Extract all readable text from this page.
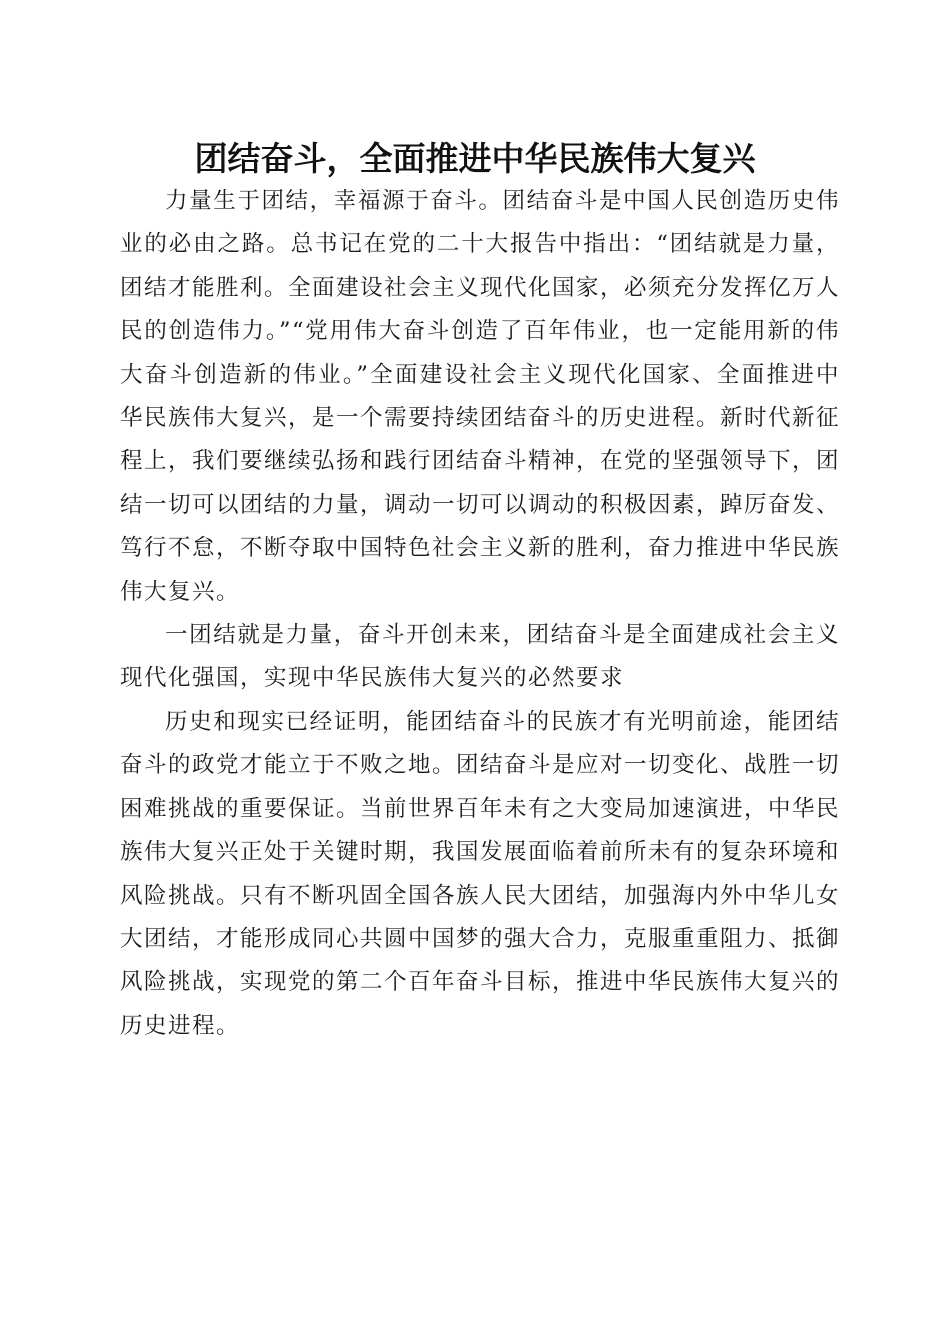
团结奋斗，全面推进中华民族伟大复兴

力量生于团结，幸福源于奋斗。团结奋斗是中国人民创造历史伟业的必由之路。总书记在党的二十大报告中指出：“团结就是力量，团结才能胜利。全面建设社会主义现代化国家，必须充分发挥亿万人民的创造伟力。”“党用伟大奋斗创造了百年伟业，也一定能用新的伟大奋斗创造新的伟业。”全面建设社会主义现代化国家、全面推进中华民族伟大复兴，是一个需要持续团结奋斗的历史进程。新时代新征程上，我们要继续弘扬和践行团结奋斗精神，在党的坚强领导下，团结一切可以团结的力量，调动一切可以调动的积极因素，踔厉奋发、笃行不怠，不断夺取中国特色社会主义新的胜利，奋力推进中华民族伟大复兴。

一团结就是力量，奋斗开创未来，团结奋斗是全面建成社会主义现代化强国，实现中华民族伟大复兴的必然要求

历史和现实已经证明，能团结奋斗的民族才有光明前途，能团结奋斗的政党才能立于不败之地。团结奋斗是应对一切变化、战胜一切困难挑战的重要保证。当前世界百年未有之大变局加速演进，中华民族伟大复兴正处于关键时期，我国发展面临着前所未有的复杂环境和风险挑战。只有不断巩固全国各族人民大团结，加强海内外中华儿女大团结，才能形成同心共圆中国梦的强大合力，克服重重阻力、抵御风险挑战，实现党的第二个百年奋斗目标，推进中华民族伟大复兴的历史进程。
